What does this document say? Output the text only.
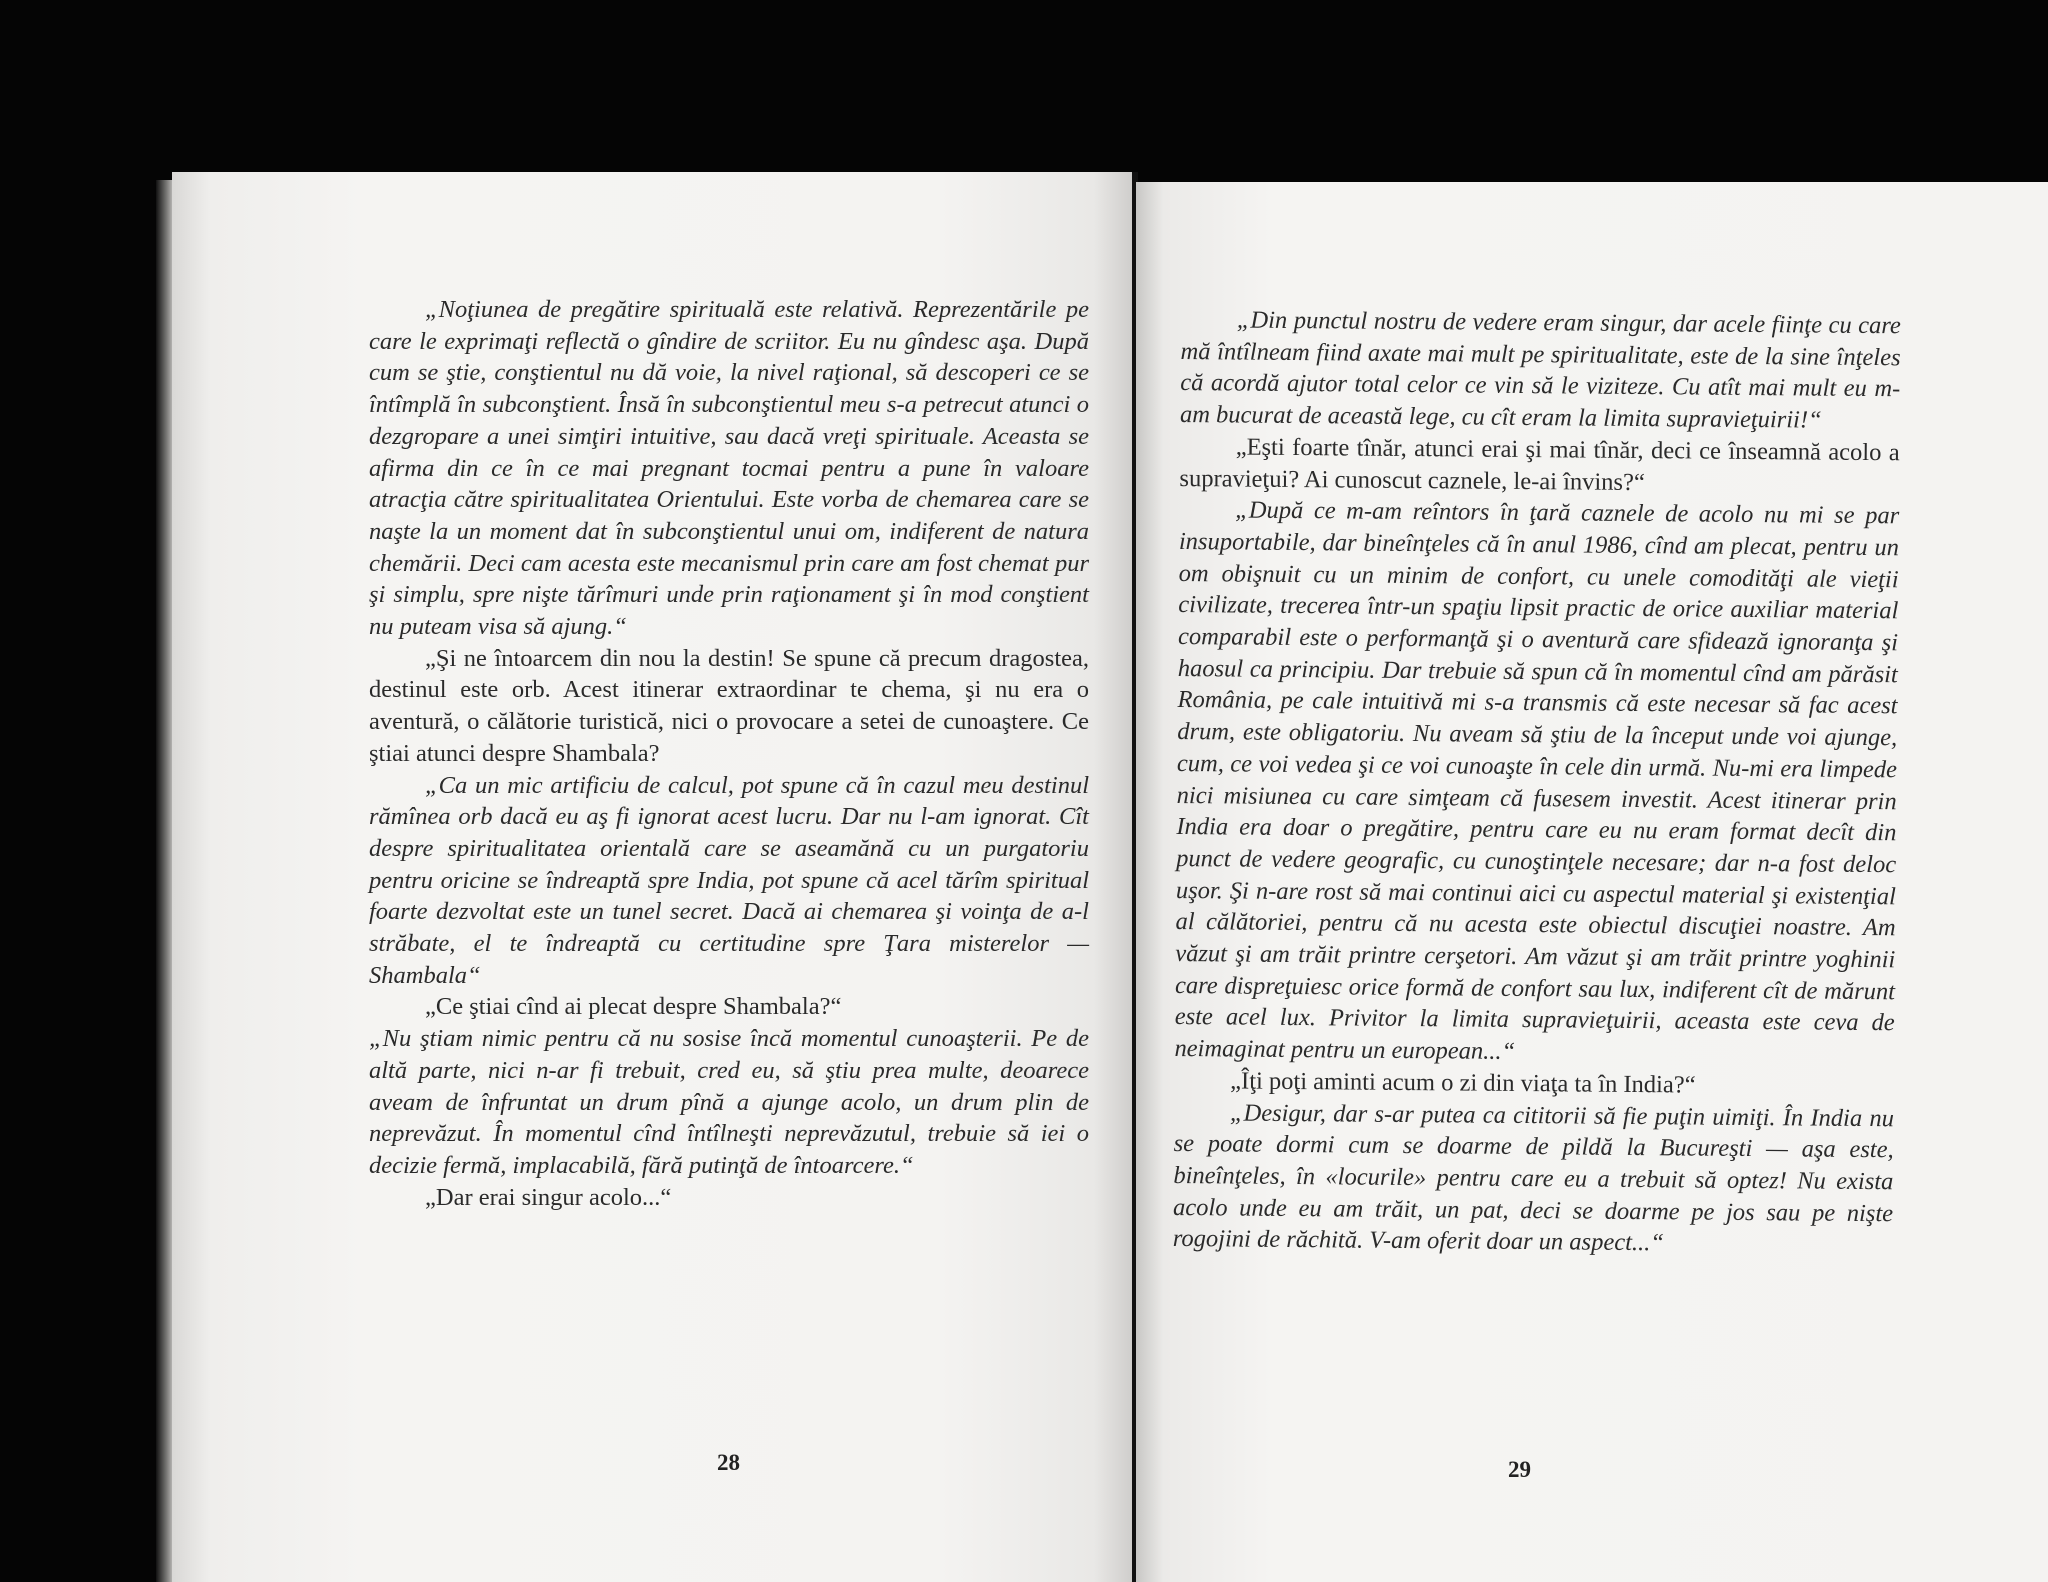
„Noţiunea de pregătire spirituală este relativă. Reprezentările pe care le exprimaţi reflectă o gîndire de scriitor. Eu nu gîndesc aşa. După cum se ştie, conştientul nu dă voie, la nivel raţional, să descoperi ce se întîmplă în subconştient. Însă în subconştientul meu s-a petrecut atunci o dezgropare a unei simţiri intuitive, sau dacă vreţi spirituale. Aceasta se afirma din ce în ce mai pregnant tocmai pentru a pune în valoare atracţia către spiritualitatea Orientului. Este vorba de chemarea care se naşte la un moment dat în subconştientul unui om, indiferent de natura chemării. Deci cam acesta este mecanismul prin care am fost chemat pur şi simplu, spre nişte tărîmuri unde prin raţionament şi în mod conştient nu puteam visa să ajung.“

„Şi ne întoarcem din nou la destin! Se spune că precum dragostea, destinul este orb. Acest itinerar extraordinar te chema, şi nu era o aventură, o călătorie turistică, nici o provocare a setei de cunoaştere. Ce ştiai atunci despre Shambala?

„Ca un mic artificiu de calcul, pot spune că în cazul meu destinul rămînea orb dacă eu aş fi ignorat acest lucru. Dar nu l-am ignorat. Cît despre spiritualitatea orientală care se aseamănă cu un purgatoriu pentru oricine se îndreaptă spre India, pot spune că acel tărîm spiritual foarte dezvoltat este un tunel secret. Dacă ai chemarea şi voinţa de a-l străbate, el te îndreaptă cu certitudine spre Ţara misterelor — Shambala“

„Ce ştiai cînd ai plecat despre Shambala?“

„Nu ştiam nimic pentru că nu sosise încă momentul cunoaşterii. Pe de altă parte, nici n-ar fi trebuit, cred eu, să ştiu prea multe, deoarece aveam de înfruntat un drum pînă a ajunge acolo, un drum plin de neprevăzut. În momentul cînd întîlneşti neprevăzutul, trebuie să iei o decizie fermă, implacabilă, fără putinţă de întoarcere.“

„Dar erai singur acolo...“

28

„Din punctul nostru de vedere eram singur, dar acele fiinţe cu care mă întîlneam fiind axate mai mult pe spiritualitate, este de la sine înţeles că acordă ajutor total celor ce vin să le viziteze. Cu atît mai mult eu m-am bucurat de această lege, cu cît eram la limita supravieţuirii!“

„Eşti foarte tînăr, atunci erai şi mai tînăr, deci ce înseamnă acolo a supravieţui? Ai cunoscut caznele, le-ai învins?“

„După ce m-am reîntors în ţară caznele de acolo nu mi se par insuportabile, dar bineînţeles că în anul 1986, cînd am plecat, pentru un om obişnuit cu un minim de confort, cu unele comodităţi ale vieţii civilizate, trecerea într-un spaţiu lipsit practic de orice auxiliar material comparabil este o performanţă şi o aventură care sfidează ignoranţa şi haosul ca principiu. Dar trebuie să spun că în momentul cînd am părăsit România, pe cale intuitivă mi s-a transmis că este necesar să fac acest drum, este obligatoriu. Nu aveam să ştiu de la început unde voi ajunge, cum, ce voi vedea şi ce voi cunoaşte în cele din urmă. Nu-mi era limpede nici misiunea cu care simţeam că fusesem investit. Acest itinerar prin India era doar o pregătire, pentru care eu nu eram format decît din punct de vedere geografic, cu cunoştinţele necesare; dar n-a fost deloc uşor. Şi n-are rost să mai continui aici cu aspectul material şi existenţial al călătoriei, pentru că nu acesta este obiectul discuţiei noastre. Am văzut şi am trăit printre cerşetori. Am văzut şi am trăit printre yoghinii care dispreţuiesc orice formă de confort sau lux, indiferent cît de mărunt este acel lux. Privitor la limita supravieţuirii, aceasta este ceva de neimaginat pentru un european...“

„Îţi poţi aminti acum o zi din viaţa ta în India?“

„Desigur, dar s-ar putea ca cititorii să fie puţin uimiţi. În India nu se poate dormi cum se doarme de pildă la Bucureşti — aşa este, bineînţeles, în «locurile» pentru care eu a trebuit să optez! Nu exista acolo unde eu am trăit, un pat, deci se doarme pe jos sau pe nişte rogojini de răchită. V-am oferit doar un aspect...“

29
